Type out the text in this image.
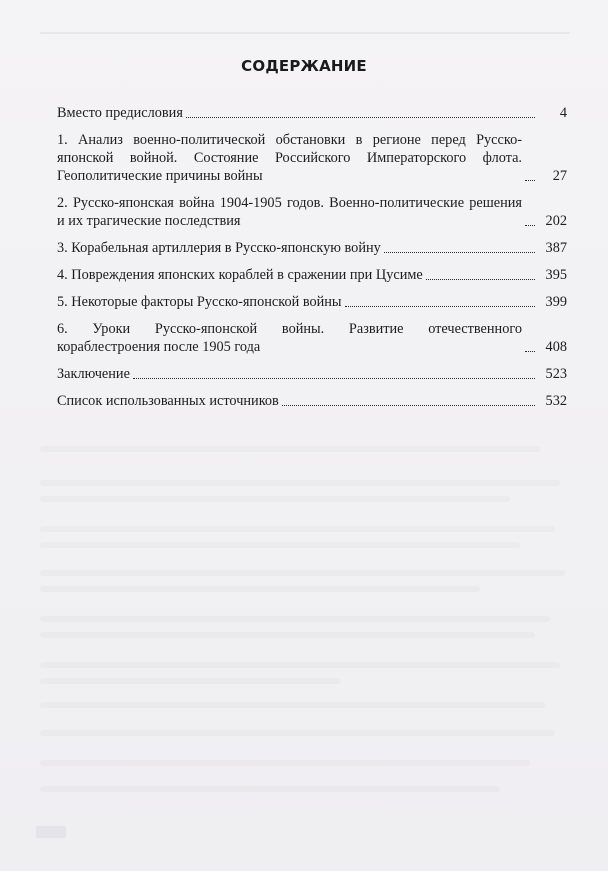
СОДЕРЖАНИЕ
Вместо предисловия	4
1. Анализ военно-политической обстановки в регионе перед Русско-японской войной. Состояние Российского Императорского флота. Геополитические причины войны	27
2. Русско-японская война 1904-1905 годов. Военно-политические решения и их трагические последствия	202
3. Корабельная артиллерия в Русско-японскую войну	387
4. Повреждения японских кораблей в сражении при Цусиме	395
5. Некоторые факторы Русско-японской войны	399
6. Уроки Русско-японской войны. Развитие отечественного кораблестроения после 1905 года	408
Заключение	523
Список использованных источников	532
